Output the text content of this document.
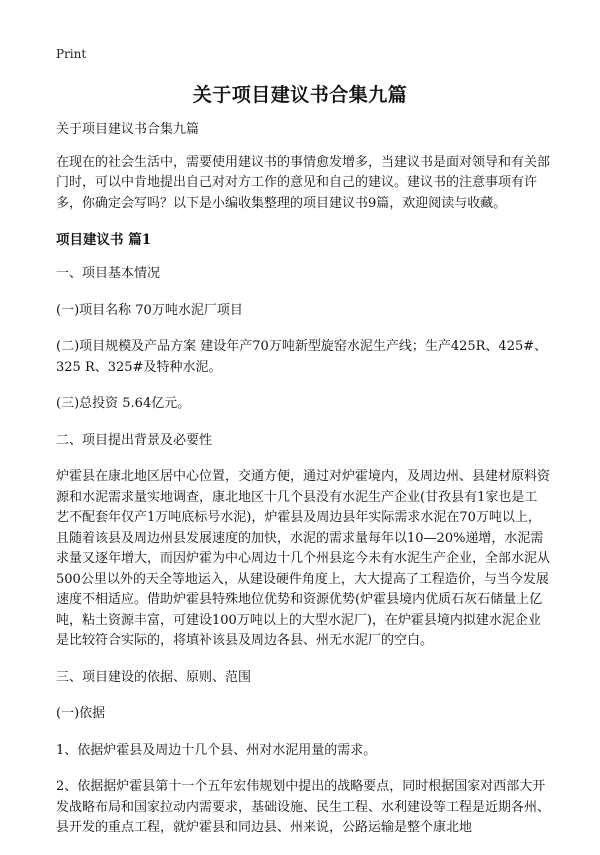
Print
关于项目建议书合集九篇

关于项目建议书合集九篇

在现在的社会生活中，需要使用建议书的事情愈发增多，当建议书是面对领导和有关部门时，可以中肯地提出自己对对方工作的意见和自己的建议。建议书的注意事项有许多，你确定会写吗？以下是小编收集整理的项目建议书9篇，欢迎阅读与收藏。

项目建议书 篇1

一、项目基本情况

(一)项目名称 70万吨水泥厂项目

(二)项目规模及产品方案 建设年产70万吨新型旋窑水泥生产线；生产425R、425#、325 R、325#及特种水泥。

(三)总投资 5.64亿元。

二、项目提出背景及必要性

炉霍县在康北地区居中心位置，交通方便，通过对炉霍境内，及周边州、县建材原料资源和水泥需求量实地调查，康北地区十几个县没有水泥生产企业(甘孜县有1家也是工艺不配套年仅产1万吨底标号水泥)，炉霍县及周边县年实际需求水泥在70万吨以上，且随着该县及周边州县发展速度的加快，水泥的需求量每年以10—20%递增，水泥需求量又逐年增大，而因炉霍为中心周边十几个州县迄今未有水泥生产企业，全部水泥从500公里以外的天全等地运入，从建设硬件角度上，大大提高了工程造价，与当今发展速度不相适应。借助炉霍县特殊地位优势和资源优势(炉霍县境内优质石灰石储量上亿吨，粘土资源丰富，可建设100万吨以上的大型水泥厂)，在炉霍县境内拟建水泥企业是比较符合实际的，将填补该县及周边各县、州无水泥厂的空白。

三、项目建设的依据、原则、范围

(一)依据

1、依据炉霍县及周边十几个县、州对水泥用量的需求。

2、依据据炉霍县第十一个五年宏伟规划中提出的战略要点，同时根据国家对西部大开发战略布局和国家拉动内需要求，基础设施、民生工程、水利建设等工程是近期各州、县开发的重点工程，就炉霍县和同边县、州来说，公路运输是整个康北地
